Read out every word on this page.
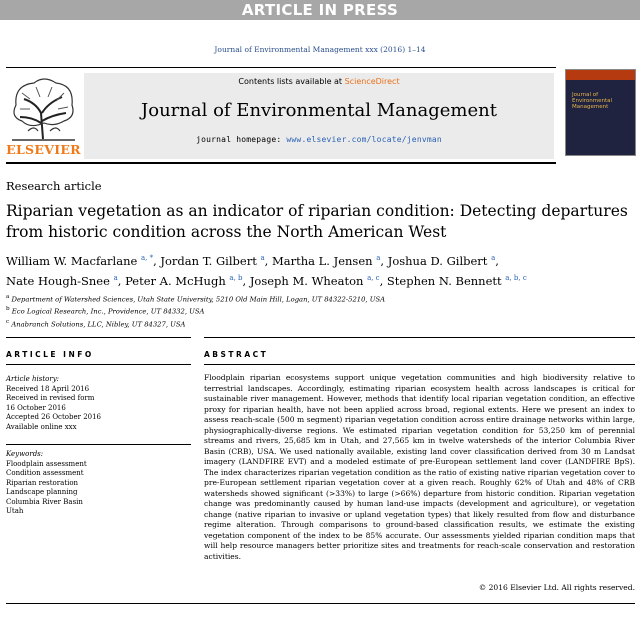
ARTICLE IN PRESS
Journal of Environmental Management xxx (2016) 1–14
ELSEVIER
Contents lists available at ScienceDirect
Journal of Environmental Management
journal homepage: www.elsevier.com/locate/jenvman
Journal of Environmental Management
Research article
Riparian vegetation as an indicator of riparian condition: Detecting departures from historic condition across the North American West
William W. Macfarlane $^{a, *}$, Jordan T. Gilbert $^a$, Martha L. Jensen $^a$, Joshua D. Gilbert $^a$,
Nate Hough-Snee $^a$, Peter A. McHugh $^{a, b}$, Joseph M. Wheaton $^{a, c}$, Stephen N. Bennett $^{a, b, c}$
$^a$ Department of Watershed Sciences, Utah State University, 5210 Old Main Hill, Logan, UT 84322-5210, USA
$^b$ Eco Logical Research, Inc., Providence, UT 84332, USA
$^c$ Anabranch Solutions, LLC, Nibley, UT 84327, USA
ARTICLE INFO	ABSTRACT
Article history:
Received 18 April 2016
Received in revised form
16 October 2016
Accepted 26 October 2016
Available online xxx
Keywords:
Floodplain assessment
Condition assessment
Riparian restoration
Landscape planning
Columbia River Basin
Utah
Floodplain riparian ecosystems support unique vegetation communities and high biodiversity relative to terrestrial landscapes. Accordingly, estimating riparian ecosystem health across landscapes is critical for sustainable river management. However, methods that identify local riparian vegetation condition, an effective proxy for riparian health, have not been applied across broad, regional extents. Here we present an index to assess reach-scale (500 m segment) riparian vegetation condition across entire drainage networks within large, physiographically-diverse regions. We estimated riparian vegetation condition for 53,250 km of perennial streams and rivers, 25,685 km in Utah, and 27,565 km in twelve watersheds of the interior Columbia River Basin (CRB), USA. We used nationally available, existing land cover classification derived from 30 m Landsat imagery (LANDFIRE EVT) and a modeled estimate of pre-European settlement land cover (LANDFIRE BpS). The index characterizes riparian vegetation condition as the ratio of existing native riparian vegetation cover to pre-European settlement riparian vegetation cover at a given reach. Roughly 62% of Utah and 48% of CRB watersheds showed significant (>33%) to large (>66%) departure from historic condition. Riparian vegetation change was predominantly caused by human land-use impacts (development and agriculture), or vegetation change (native riparian to invasive or upland vegetation types) that likely resulted from flow and disturbance regime alteration. Through comparisons to ground-based classification results, we estimate the existing vegetation component of the index to be 85% accurate. Our assessments yielded riparian condition maps that will help resource managers better prioritize sites and treatments for reach-scale conservation and restoration activities.
© 2016 Elsevier Ltd. All rights reserved.
